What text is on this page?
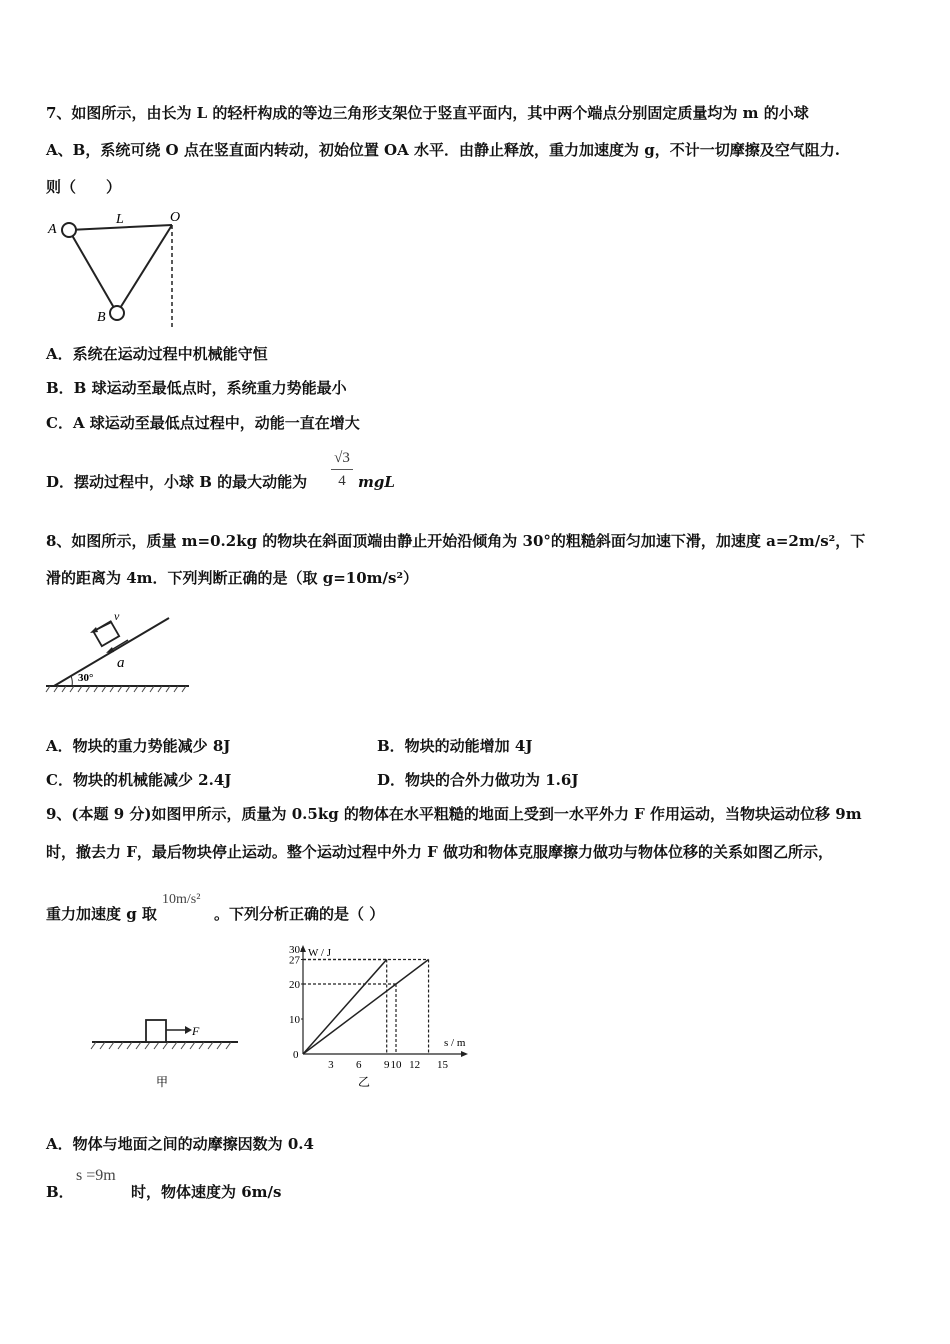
7、如图所示，由长为 L 的轻杆构成的等边三角形支架位于竖直平面内，其中两个端点分别固定质量均为 m 的小球
A、B，系统可绕 O 点在竖直面内转动，初始位置 OA 水平．由静止释放，重力加速度为 g，不计一切摩擦及空气阻力.
则（　　）
A
B
O
L
A．系统在运动过程中机械能守恒
B．B 球运动至最低点时，系统重力势能最小
C．A 球运动至最低点过程中，动能一直在增大
D．摆动过程中，小球 B 的最大动能为
√3
4 mgL
8、如图所示，质量 m=0.2kg 的物块在斜面顶端由静止开始沿倾角为 30°的粗糙斜面匀加速下滑，加速度 a=2m/s²，下
滑的距离为 4m．下列判断正确的是（取 g=10m/s²）
v
a
30°
A．物块的重力势能减少 8J	B．物块的动能增加 4J
C．物块的机械能减少 2.4J	D．物块的合外力做功为 1.6J
9、(本题 9 分)如图甲所示，质量为 0.5kg 的物体在水平粗糙的地面上受到一水平外力 F 作用运动，当物块运动位移 9m
时，撤去力 F，最后物块停止运动。整个运动过程中外力 F 做功和物体克服摩擦力做功与物体位移的关系如图乙所示，
重力加速度 g 取
10m/s²
。下列分析正确的是（ ）
F
甲
W / J
s / m
0
乙
3 6 9 10 12 15
10
20
27
30
A．物体与地面之间的动摩擦因数为 0.4
B．
s =9m
时，物体速度为 6m/s
